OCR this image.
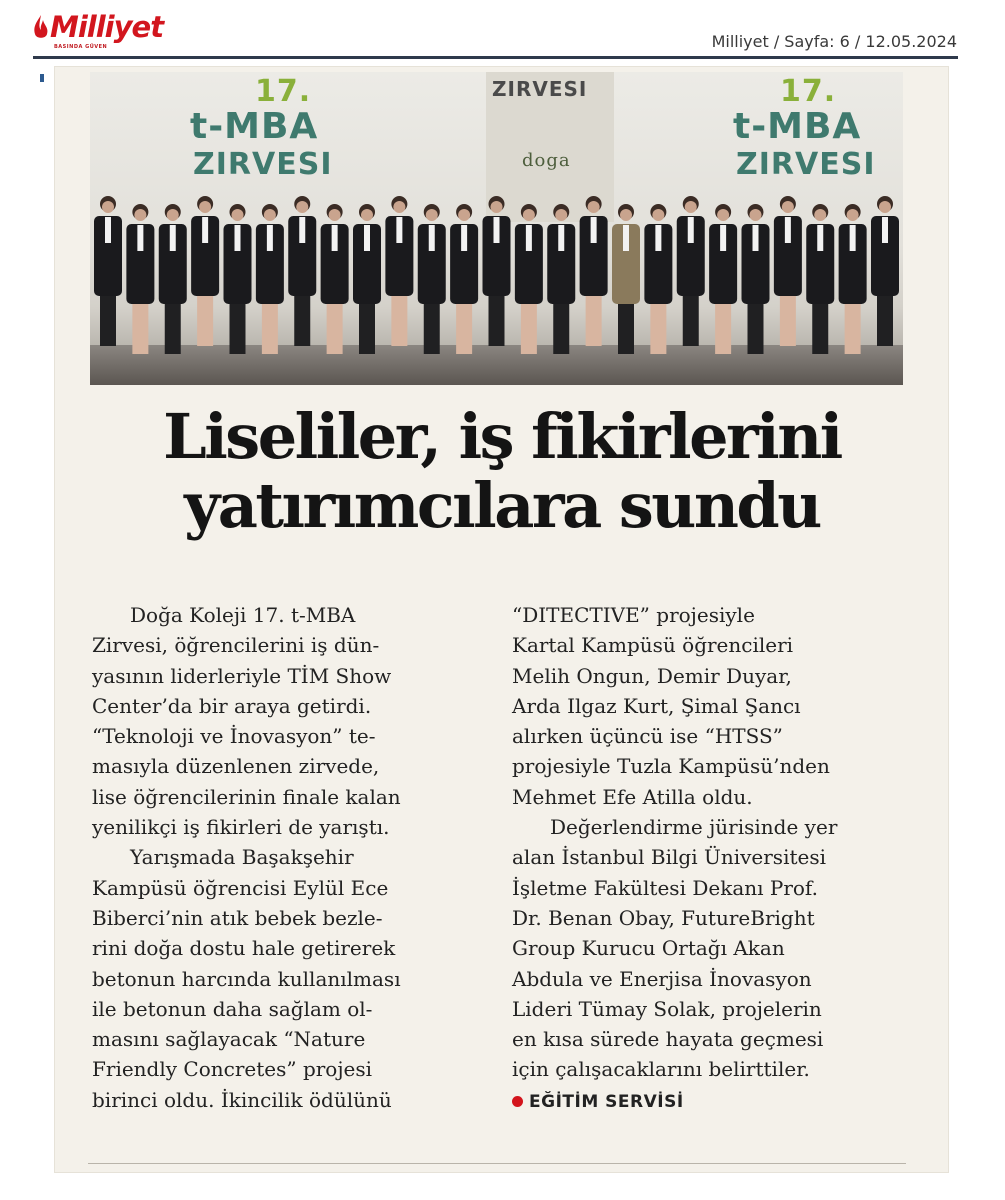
Milliyet
BASINDA GÜVEN	Milliyet / Sayfa: 6 / 12.05.2024
17.
t-MBA
ZIRVESI
ZIRVESI
doga
17.
t-MBA
ZIRVESI
Liseliler, iş fikirlerini
yatırımcılara sundu

Doğa Koleji 17. t-MBA

Zirvesi, öğrencilerini iş dün-

yasının liderleriyle TİM Show

Center’da bir araya getirdi.

“Teknoloji ve İnovasyon” te-

masıyla düzenlenen zirvede,

lise öğrencilerinin finale kalan

yenilikçi iş fikirleri de yarıştı.

Yarışmada Başakşehir

Kampüsü öğrencisi Eylül Ece

Biberci’nin atık bebek bezle-

rini doğa dostu hale getirerek

betonun harcında kullanılması

ile betonun daha sağlam ol-

masını sağlayacak “Nature

Friendly Concretes” projesi

birinci oldu. İkincilik ödülünü

“DITECTIVE” projesiyle

Kartal Kampüsü öğrencileri

Melih Ongun, Demir Duyar,

Arda Ilgaz Kurt, Şimal Şancı

alırken üçüncü ise “HTSS”

projesiyle Tuzla Kampüsü’nden

Mehmet Efe Atilla oldu.

Değerlendirme jürisinde yer

alan İstanbul Bilgi Üniversitesi

İşletme Fakültesi Dekanı Prof.

Dr. Benan Obay, FutureBright

Group Kurucu Ortağı Akan

Abdula ve Enerjisa İnovasyon

Lideri Tümay Solak, projelerin

en kısa sürede hayata geçmesi

için çalışacaklarını belirttiler.

EĞİTİM SERVİSİ
